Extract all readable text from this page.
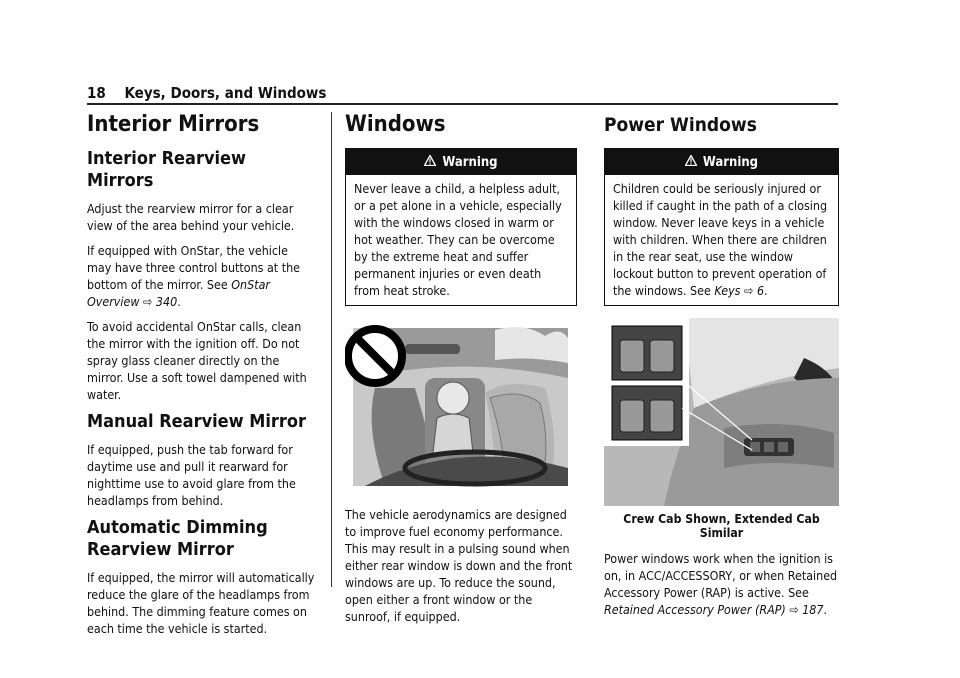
18 Keys, Doors, and Windows
Interior Mirrors
Interior Rearview Mirrors

Adjust the rearview mirror for a clear view of the area behind your vehicle.

If equipped with OnStar, the vehicle may have three control buttons at the bottom of the mirror. See OnStar Overview ⇨ 340.

To avoid accidental OnStar calls, clean the mirror with the ignition off. Do not spray glass cleaner directly on the mirror. Use a soft towel dampened with water.

Manual Rearview Mirror

If equipped, push the tab forward for daytime use and pull it rearward for nighttime use to avoid glare from the headlamps from behind.

Automatic Dimming Rearview Mirror

If equipped, the mirror will automatically reduce the glare of the headlamps from behind. The dimming feature comes on each time the vehicle is started.

Windows
Warning
Never leave a child, a helpless adult, or a pet alone in a vehicle, especially with the windows closed in warm or hot weather. They can be overcome by the extreme heat and suffer permanent injuries or even death from heat stroke.

The vehicle aerodynamics are designed to improve fuel economy performance. This may result in a pulsing sound when either rear window is down and the front windows are up. To reduce the sound, open either a front window or the sunroof, if equipped.

Power Windows
Warning
Children could be seriously injured or killed if caught in the path of a closing window. Never leave keys in a vehicle with children. When there are children in the rear seat, use the window lockout button to prevent operation of the windows. See Keys ⇨ 6.
Crew Cab Shown, Extended Cab Similar

Power windows work when the ignition is on, in ACC/ACCESSORY, or when Retained Accessory Power (RAP) is active. See Retained Accessory Power (RAP) ⇨ 187.
